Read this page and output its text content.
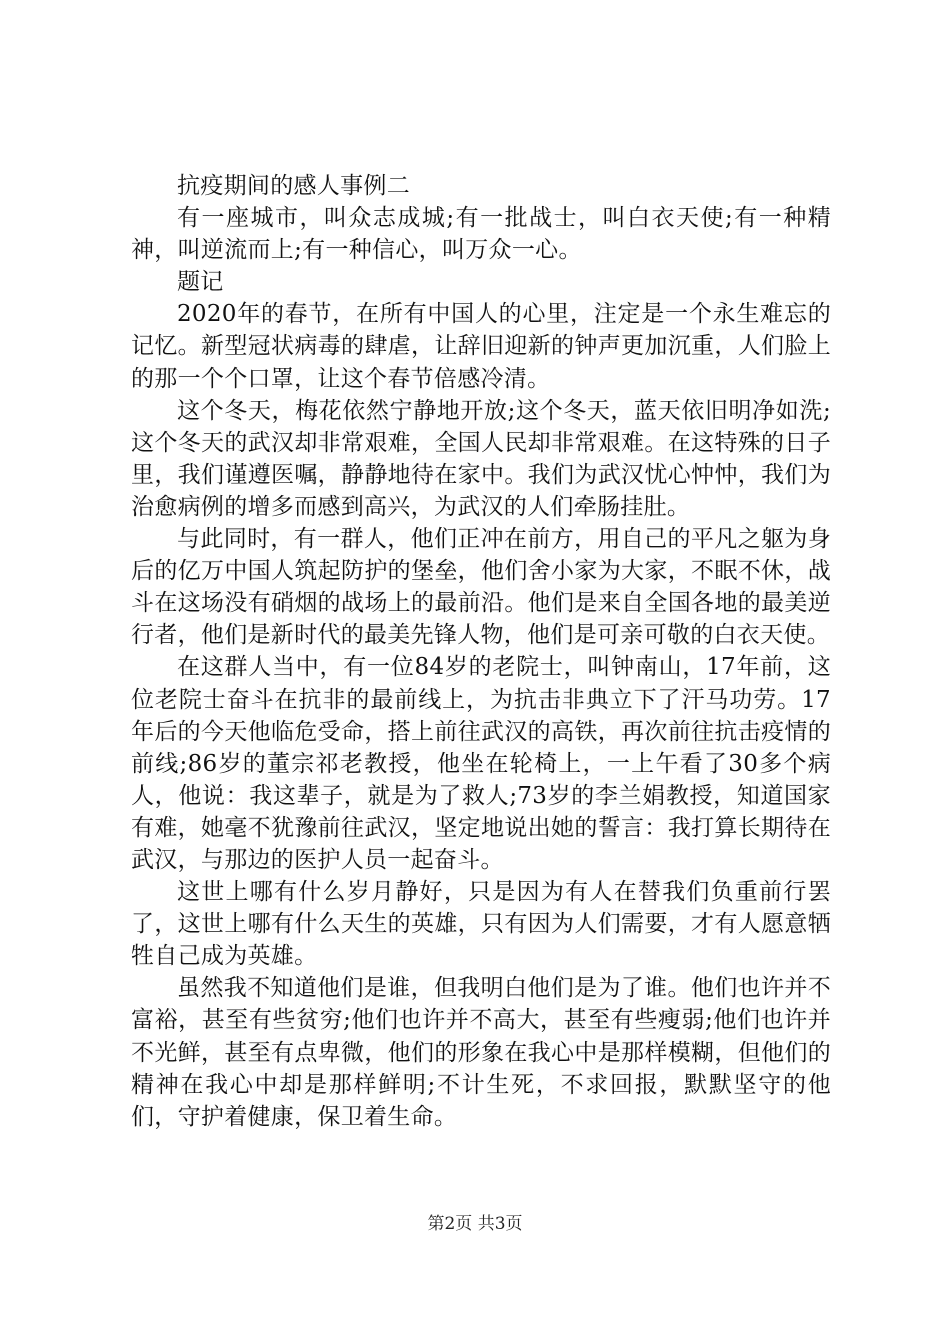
抗疫期间的感人事例二

有一座城市，叫众志成城;有一批战士，叫白衣天使;有一种精神，叫逆流而上;有一种信心，叫万众一心。

题记

2020年的春节，在所有中国人的心里，注定是一个永生难忘的记忆。新型冠状病毒的肆虐，让辞旧迎新的钟声更加沉重，人们脸上的那一个个口罩，让这个春节倍感冷清。

这个冬天，梅花依然宁静地开放;这个冬天，蓝天依旧明净如洗;这个冬天的武汉却非常艰难，全国人民却非常艰难。在这特殊的日子里，我们谨遵医嘱，静静地待在家中。我们为武汉忧心忡忡，我们为治愈病例的增多而感到高兴，为武汉的人们牵肠挂肚。

与此同时，有一群人，他们正冲在前方，用自己的平凡之躯为身后的亿万中国人筑起防护的堡垒，他们舍小家为大家，不眠不休，战斗在这场没有硝烟的战场上的最前沿。他们是来自全国各地的最美逆行者，他们是新时代的最美先锋人物，他们是可亲可敬的白衣天使。

在这群人当中，有一位84岁的老院士，叫钟南山，17年前，这位老院士奋斗在抗非的最前线上，为抗击非典立下了汗马功劳。17年后的今天他临危受命，搭上前往武汉的高铁，再次前往抗击疫情的前线;86岁的董宗祁老教授，他坐在轮椅上，一上午看了30多个病人，他说：我这辈子，就是为了救人;73岁的李兰娟教授，知道国家有难，她毫不犹豫前往武汉，坚定地说出她的誓言：我打算长期待在武汉，与那边的医护人员一起奋斗。

这世上哪有什么岁月静好，只是因为有人在替我们负重前行罢了，这世上哪有什么天生的英雄，只有因为人们需要，才有人愿意牺牲自己成为英雄。

虽然我不知道他们是谁，但我明白他们是为了谁。他们也许并不富裕，甚至有些贫穷;他们也许并不高大，甚至有些瘦弱;他们也许并不光鲜，甚至有点卑微，他们的形象在我心中是那样模糊，但他们的精神在我心中却是那样鲜明;不计生死，不求回报，默默坚守的他们，守护着健康，保卫着生命。

第2页 共3页
